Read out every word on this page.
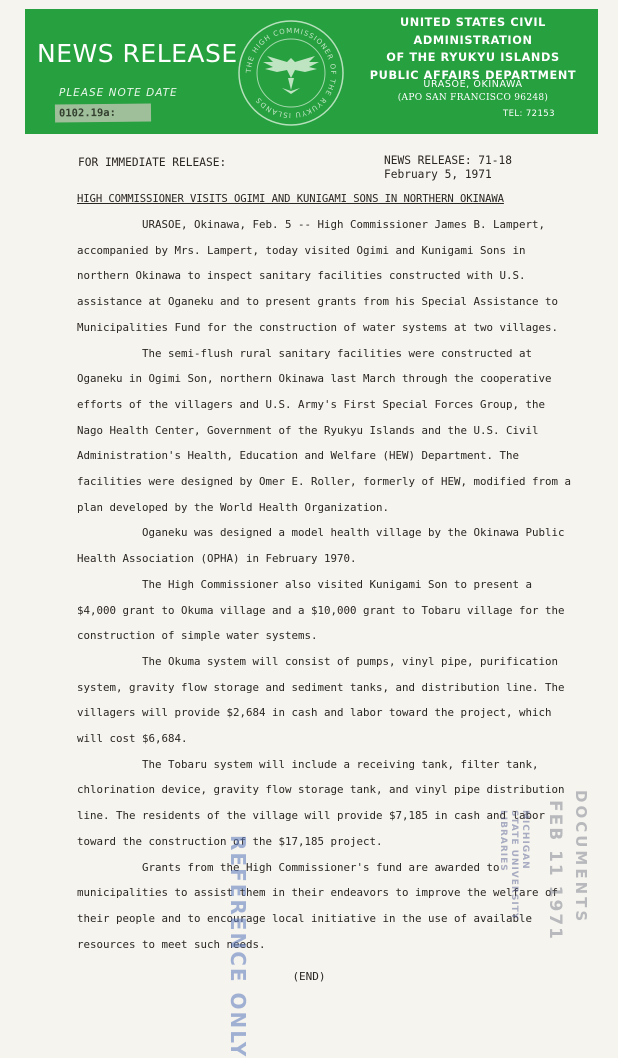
NEWS RELEASE
PLEASE NOTE DATE
0102.19a:
THE HIGH COMMISSIONER OF THE RYUKYU ISLANDS
UNITED STATES CIVIL ADMINISTRATION
OF THE RYUKYU ISLANDS
PUBLIC AFFAIRS DEPARTMENT
URASOE, OKINAWA
(APO SAN FRANCISCO 96248)
TEL: 72153
FOR IMMEDIATE RELEASE:	NEWS RELEASE: 71-18
February 5, 1971
HIGH COMMISSIONER VISITS OGIMI AND KUNIGAMI SONS IN NORTHERN OKINAWA

URASOE, Okinawa, Feb. 5 -- High Commissioner James B. Lampert, accompanied by Mrs. Lampert, today visited Ogimi and Kunigami Sons in northern Okinawa to inspect sanitary facilities constructed with U.S. assistance at Oganeku and to present grants from his Special Assistance to Municipalities Fund for the construction of water systems at two villages.

The semi-flush rural sanitary facilities were constructed at Oganeku in Ogimi Son, northern Okinawa last March through the cooperative efforts of the villagers and U.S. Army's First Special Forces Group, the Nago Health Center, Government of the Ryukyu Islands and the U.S. Civil Administration's Health, Education and Welfare (HEW) Department. The facilities were designed by Omer E. Roller, formerly of HEW, modified from a plan developed by the World Health Organization.

Oganeku was designed a model health village by the Okinawa Public Health Association (OPHA) in February 1970.

The High Commissioner also visited Kunigami Son to present a $4,000 grant to Okuma village and a $10,000 grant to Tobaru village for the construction of simple water systems.

The Okuma system will consist of pumps, vinyl pipe, purification system, gravity flow storage and sediment tanks, and distribution line. The villagers will provide $2,684 in cash and labor toward the project, which will cost $6,684.

The Tobaru system will include a receiving tank, filter tank, chlorination device, gravity flow storage tank, and vinyl pipe distribution line. The residents of the village will provide $7,185 in cash and labor toward the construction of the $17,185 project.

Grants from the High Commissioner's fund are awarded to municipalities to assist them in their endeavors to improve the welfare of their people and to encourage local initiative in the use of available resources to meet such needs.

(END)
REFERENCE ONLY	DOCUMENTS
FEB 11 1971
MICHIGAN
STATE UNIVERSITY
LIBRARIES
